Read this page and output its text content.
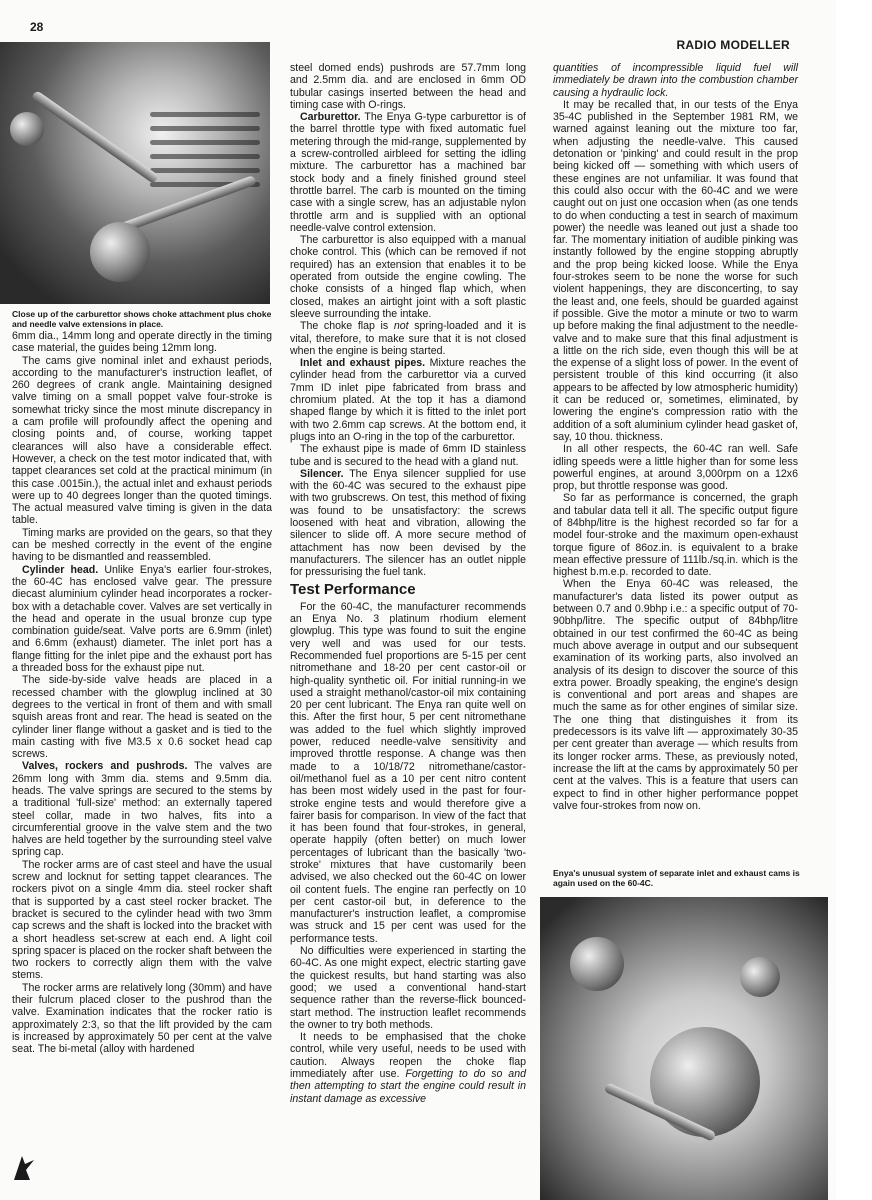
28
RADIO MODELLER
Close up of the carburettor shows choke attachment plus choke and needle valve extensions in place.

6mm dia., 14mm long and operate directly in the timing case material, the guides being 12mm long.

The cams give nominal inlet and exhaust periods, according to the manufacturer's instruction leaflet, of 260 degrees of crank angle. Maintaining designed valve timing on a small poppet valve four-stroke is somewhat tricky since the most minute discrepancy in a cam profile will profoundly affect the opening and closing points and, of course, working tappet clearances will also have a considerable effect. However, a check on the test motor indicated that, with tappet clearances set cold at the practical minimum (in this case .0015in.), the actual inlet and exhaust periods were up to 40 degrees longer than the quoted timings. The actual measured valve timing is given in the data table.

Timing marks are provided on the gears, so that they can be meshed correctly in the event of the engine having to be dismantled and reassembled.

Cylinder head. Unlike Enya's earlier four-strokes, the 60-4C has enclosed valve gear. The pressure diecast aluminium cylinder head incorporates a rocker-box with a detachable cover. Valves are set vertically in the head and operate in the usual bronze cup type combination guide/seat. Valve ports are 6.9mm (inlet) and 6.6mm (exhaust) diameter. The inlet port has a flange fitting for the inlet pipe and the exhaust port has a threaded boss for the exhaust pipe nut.

The side-by-side valve heads are placed in a recessed chamber with the glowplug inclined at 30 degrees to the vertical in front of them and with small squish areas front and rear. The head is seated on the cylinder liner flange without a gasket and is tied to the main casting with five M3.5 x 0.6 socket head cap screws.

Valves, rockers and pushrods. The valves are 26mm long with 3mm dia. stems and 9.5mm dia. heads. The valve springs are secured to the stems by a traditional 'full-size' method: an externally tapered steel collar, made in two halves, fits into a circumferential groove in the valve stem and the two halves are held together by the surrounding steel valve spring cap.

The rocker arms are of cast steel and have the usual screw and locknut for setting tappet clearances. The rockers pivot on a single 4mm dia. steel rocker shaft that is supported by a cast steel rocker bracket. The bracket is secured to the cylinder head with two 3mm cap screws and the shaft is locked into the bracket with a short headless set-screw at each end. A light coil spring spacer is placed on the rocker shaft between the two rockers to correctly align them with the valve stems.

The rocker arms are relatively long (30mm) and have their fulcrum placed closer to the pushrod than the valve. Examination indicates that the rocker ratio is approximately 2:3, so that the lift provided by the cam is increased by approximately 50 per cent at the valve seat. The bi-metal (alloy with hardened

steel domed ends) pushrods are 57.7mm long and 2.5mm dia. and are enclosed in 6mm OD tubular casings inserted between the head and timing case with O-rings.

Carburettor. The Enya G-type carburettor is of the barrel throttle type with fixed automatic fuel metering through the mid-range, supplemented by a screw-controlled airbleed for setting the idling mixture. The carburettor has a machined bar stock body and a finely finished ground steel throttle barrel. The carb is mounted on the timing case with a single screw, has an adjustable nylon throttle arm and is supplied with an optional needle-valve control extension.

The carburettor is also equipped with a manual choke control. This (which can be removed if not required) has an extension that enables it to be operated from outside the engine cowling. The choke consists of a hinged flap which, when closed, makes an airtight joint with a soft plastic sleeve surrounding the intake.

The choke flap is not spring-loaded and it is vital, therefore, to make sure that it is not closed when the engine is being started.

Inlet and exhaust pipes. Mixture reaches the cylinder head from the carburettor via a curved 7mm ID inlet pipe fabricated from brass and chromium plated. At the top it has a diamond shaped flange by which it is fitted to the inlet port with two 2.6mm cap screws. At the bottom end, it plugs into an O-ring in the top of the carburettor.

The exhaust pipe is made of 6mm ID stainless tube and is secured to the head with a gland nut.

Silencer. The Enya silencer supplied for use with the 60-4C was secured to the exhaust pipe with two grubscrews. On test, this method of fixing was found to be unsatisfactory: the screws loosened with heat and vibration, allowing the silencer to slide off. A more secure method of attachment has now been devised by the manufacturers. The silencer has an outlet nipple for pressurising the fuel tank.

Test Performance

For the 60-4C, the manufacturer recommends an Enya No. 3 platinum rhodium element glowplug. This type was found to suit the engine very well and was used for our tests. Recommended fuel proportions are 5-15 per cent nitromethane and 18-20 per cent castor-oil or high-quality synthetic oil. For initial running-in we used a straight methanol/castor-oil mix containing 20 per cent lubricant. The Enya ran quite well on this. After the first hour, 5 per cent nitromethane was added to the fuel which slightly improved power, reduced needle-valve sensitivity and improved throttle response. A change was then made to a 10/18/72 nitromethane/castor-oil/methanol fuel as a 10 per cent nitro content has been most widely used in the past for four-stroke engine tests and would therefore give a fairer basis for comparison. In view of the fact that it has been found that four-strokes, in general, operate happily (often better) on much lower percentages of lubricant than the basically 'two-stroke' mixtures that have customarily been advised, we also checked out the 60-4C on lower oil content fuels. The engine ran perfectly on 10 per cent castor-oil but, in deference to the manufacturer's instruction leaflet, a compromise was struck and 15 per cent was used for the performance tests.

No difficulties were experienced in starting the 60-4C. As one might expect, electric starting gave the quickest results, but hand starting was also good; we used a conventional hand-start sequence rather than the reverse-flick bounced-start method. The instruction leaflet recommends the owner to try both methods.

It needs to be emphasised that the choke control, while very useful, needs to be used with caution. Always reopen the choke flap immediately after use. Forgetting to do so and then attempting to start the engine could result in instant damage as excessive

quantities of incompressible liquid fuel will immediately be drawn into the combustion chamber causing a hydraulic lock.

It may be recalled that, in our tests of the Enya 35-4C published in the September 1981 RM, we warned against leaning out the mixture too far, when adjusting the needle-valve. This caused detonation or 'pinking' and could result in the prop being kicked off — something with which users of these engines are not unfamiliar. It was found that this could also occur with the 60-4C and we were caught out on just one occasion when (as one tends to do when conducting a test in search of maximum power) the needle was leaned out just a shade too far. The momentary initiation of audible pinking was instantly followed by the engine stopping abruptly and the prop being kicked loose. While the Enya four-strokes seem to be none the worse for such violent happenings, they are disconcerting, to say the least and, one feels, should be guarded against if possible. Give the motor a minute or two to warm up before making the final adjustment to the needle-valve and to make sure that this final adjustment is a little on the rich side, even though this will be at the expense of a slight loss of power. In the event of persistent trouble of this kind occurring (it also appears to be affected by low atmospheric humidity) it can be reduced or, sometimes, eliminated, by lowering the engine's compression ratio with the addition of a soft aluminium cylinder head gasket of, say, 10 thou. thickness.

In all other respects, the 60-4C ran well. Safe idling speeds were a little higher than for some less powerful engines, at around 3,000rpm on a 12x6 prop, but throttle response was good.

So far as performance is concerned, the graph and tabular data tell it all. The specific output figure of 84bhp/litre is the highest recorded so far for a model four-stroke and the maximum open-exhaust torque figure of 86oz.in. is equivalent to a brake mean effective pressure of 111lb./sq.in. which is the highest b.m.e.p. recorded to date.

When the Enya 60-4C was released, the manufacturer's data listed its power output as between 0.7 and 0.9bhp i.e.: a specific output of 70-90bhp/litre. The specific output of 84bhp/litre obtained in our test confirmed the 60-4C as being much above average in output and our subsequent examination of its working parts, also involved an analysis of its design to discover the source of this extra power. Broadly speaking, the engine's design is conventional and port areas and shapes are much the same as for other engines of similar size. The one thing that distinguishes it from its predecessors is its valve lift — approximately 30-35 per cent greater than average — which results from its longer rocker arms. These, as previously noted, increase the lift at the cams by approximately 50 per cent at the valves. This is a feature that users can expect to find in other higher performance poppet valve four-strokes from now on.

Enya's unusual system of separate inlet and exhaust cams is again used on the 60-4C.
